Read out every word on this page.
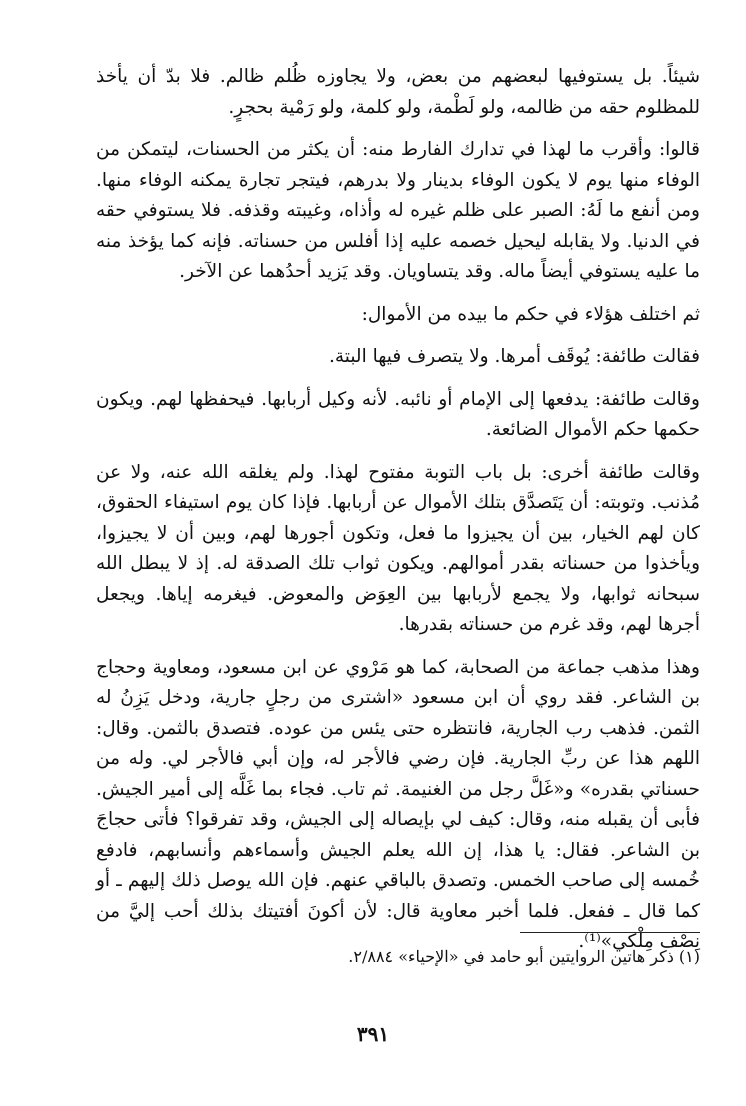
شيئاً. بل يستوفيها لبعضهم من بعض، ولا يجاوزه ظُلم ظالم. فلا بدّ أن يأخذ للمظلوم حقه من ظالمه، ولو لَطْمة، ولو كلمة، ولو رَمْية بحجرٍ.

قالوا: وأقرب ما لهذا في تدارك الفارط منه: أن يكثر من الحسنات، ليتمكن من الوفاء منها يوم لا يكون الوفاء بدينار ولا بدرهم، فيتجر تجارة يمكنه الوفاء منها. ومن أنفع ما لَهُ: الصبر على ظلم غيره له وأذاه، وغيبته وقذفه. فلا يستوفي حقه في الدنيا. ولا يقابله ليحيل خصمه عليه إذا أفلس من حسناته. فإنه كما يؤخذ منه ما عليه يستوفي أيضاً ماله. وقد يتساويان. وقد يَزيد أحدُهما عن الآخر.

ثم اختلف هؤلاء في حكم ما بيده من الأموال:

فقالت طائفة: يُوقَف أمرها. ولا يتصرف فيها البتة.

وقالت طائفة: يدفعها إلى الإمام أو نائبه. لأنه وكيل أربابها. فيحفظها لهم. ويكون حكمها حكم الأموال الضائعة.

وقالت طائفة أخرى: بل باب التوبة مفتوح لهذا. ولم يغلقه الله عنه، ولا عن مُذنب. وتوبته: أن يَتَصدَّق بتلك الأموال عن أربابها. فإذا كان يوم استيفاء الحقوق، كان لهم الخيار، بين أن يجيزوا ما فعل، وتكون أجورها لهم، وبين أن لا يجيزوا، ويأخذوا من حسناته بقدر أموالهم. ويكون ثواب تلك الصدقة له. إذ لا يبطل الله سبحانه ثوابها، ولا يجمع لأربابها بين العِوَض والمعوض. فيغرمه إياها. ويجعل أجرها لهم، وقد غرم من حسناته بقدرها.

وهذا مذهب جماعة من الصحابة، كما هو مَرْوي عن ابن مسعود، ومعاوية وحجاج بن الشاعر. فقد روي أن ابن مسعود «اشترى من رجلٍ جارية، ودخل يَزِنُ له الثمن. فذهب رب الجارية، فانتظره حتى يئس من عوده. فتصدق بالثمن. وقال: اللهم هذا عن ربِّ الجارية. فإن رضي فالأجر له، وإن أبي فالأجر لي. وله من حسناتي بقدره» و«غَلَّ رجل من الغنيمة. ثم تاب. فجاء بما غَلَّه إلى أمير الجيش. فأبى أن يقبله منه، وقال: كيف لي بإيصاله إلى الجيش، وقد تفرقوا؟ فأتى حجاجَ بن الشاعر. فقال: يا هذا، إن الله يعلم الجيش وأسماءهم وأنسابهم، فادفع خُمسه إلى صاحب الخمس. وتصدق بالباقي عنهم. فإن الله يوصل ذلك إليهم ـ أو كما قال ـ ففعل. فلما أخبر معاوية قال: لأن أكونَ أفتيتك بذلك أحب إليَّ من نِصْف مِلْكي»⁽¹⁾.

(١) ذكر هاتين الروايتين أبو حامد في «الإحياء» ٢/٨٨٤.
٣٩١
